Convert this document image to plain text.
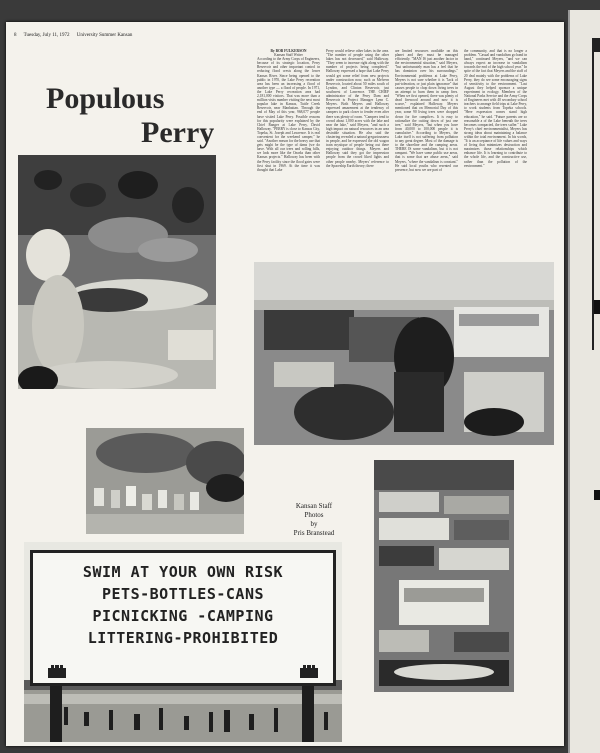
8 Tuesday, July 11, 1972 University Summer Kansan
Populous
Perry
By BOB FULKERSON
Kansan Staff Writer
According to the Army Corps of Engineers, because of its strategic location, Perry Reservoir and other important control in reducing flood crests along the lower Kansas River. Since being opened to the public in 1970, the Lake Perry recreation area has been an increasing a flood of another type — a flood of people. In 1971, the Lake Perry recreation area had 2,181,000 visitors. That was more than a million visits number visiting the next most popular lake in Kansas, Tuttle Creek Reservoir, near Manhattan. Through the end of May of this year, 968,077 people have visited Lake Perry. Possible reasons for this popularity were explained by the Chief Ranger at Lake Perry, David Halloway. "PERRY is close to Kansas City, Topeka, St. Joseph and Lawrence. It is real convenient for the weekend camper," he said. "Another reason for the heavy use that gets might be the type of dams (we do have. With all our trees and rolling hills, we look more like the Ozarks than other Kansas projects." Halloway has been with the Perry facility since the flood gates were first shut in 1969. At the time it was thought that Lake
Perry would relieve other lakes in the area. "The number of people using the other lakes has not decreased," said Halloway. "They seem to increase right along with the number of projects being completed." Halloway expressed a hope that Lake Perry would get some relief from new projects under construction now, such as Melvern Reservoir, located about 50 miles south of Lyndon, and Clinton Reservoir, just southwest of Lawrence. THE CHIEF administrator of the Perry Dam and Reservoir is Project Manager Lynn C. Meyers. Both Meyers and Halloway expressed amazement at the tendency of campers to park closer to fender even after there was plenty of room. "Campers tend to crowd about 1,000 acres with the lake and near the lake," said Meyers, "and such a high impact on natural resources in an area desirable situation. He also said the clustering revealed a natural gregariousness in people, and he expressed the old wagon train mystique of people being out there enjoying outdoor things. Meyers and Halloway said they got the impression people from the crowd liked lights and other people nearby. Meyers' reference to the Spaceship Earth theory; there
are limited resources available on this planet and they must be managed efficiently. "MAN IS just another factor in the environmental situation," said Meyers, "but unfortunately man has a feel that he has dominion over his surroundings." Environmental problems at Lake Perry, Meyers is not sure whether it is "lack of put-toleration, or just plain ignorance" that causes people to chop down living trees in an attempt to burn them in camp fires. "When we first opened, there was plenty of dead firewood around and now it is scarce," explained Halloway. Meyers mentioned that on Memorial Day of this year, some 90 living trees were chopped down for fire campfires. It is easy to rationalize the cutting down of just one tree," said Meyers, "but when you have from 40,000 to 100,000 people it is cumulative." According to Meyers, the Lake itself is not suffering from pollution to any great degree. Most of the damage is to the shoreline and the camping areas. THERE IS some vandalism, but it is not rampant. "We have some public use areas, that is some that are abuse areas," said Meyers, "where the vandalism is constant." He said local youths who resented our presence, but now we are part of
the community, and that is no longer a problem. "Casual and vandalism go hand in hand," continued Meyers, "and we can always expect an increase in vandalism towards the end of the high school year." In spite of the fact that Meyers and the staff of 20 deal mainly with the problems of Lake Perry, they do see some encouraging signs of sensitivity to the environment. "Last August they helped sponsor a unique experiment in ecology. Members of the National Parks Service and the Army Corps of Engineers met with 40 secondary school teachers to arrange field trips at Lake Perry, to work students from Topeka schools. "Here expression comes stand high education," he said. "Future parents are so reasonable a of the Lake beneath the trees becomes compacted, the trees suffer." Lake Perry's chief environmentalist, Meyers has strong ideas about maintaining a balance within the total environment. In his words, "It is an acceptance of life values and ways of living that minimizes destruction and maximizes those relationships which enhance life. It is learning to contribute to the whole life, and the constructive use, rather than the pollution of the environment."
Kansan Staff
Photos
by
Pris Branstead
SWIM AT YOUR OWN RISK
PETS-BOTTLES-CANS
PICNICKING -CAMPING
LITTERING-PROHIBITED
